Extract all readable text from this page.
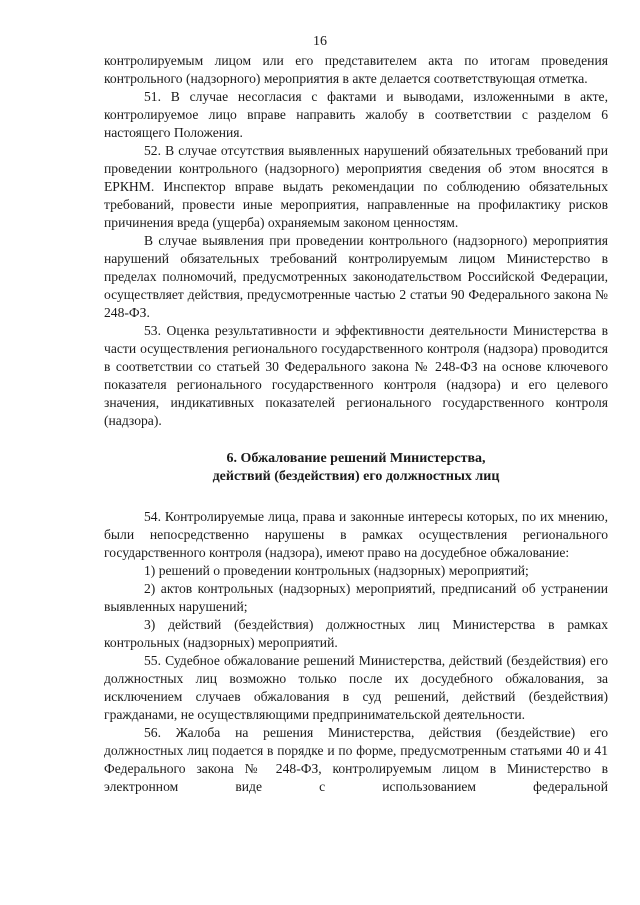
16

контролируемым лицом или его представителем акта по итогам проведения контрольного (надзорного) мероприятия в акте делается соответствующая отметка.

51. В случае несогласия с фактами и выводами, изложенными в акте, контролируемое лицо вправе направить жалобу в соответствии с разделом 6 настоящего Положения.

52. В случае отсутствия выявленных нарушений обязательных требований при проведении контрольного (надзорного) мероприятия сведения об этом вносятся в ЕРКНМ. Инспектор вправе выдать рекомендации по соблюдению обязательных требований, провести иные мероприятия, направленные на профилактику рисков причинения вреда (ущерба) охраняемым законом ценностям.

В случае выявления при проведении контрольного (надзорного) мероприятия нарушений обязательных требований контролируемым лицом Министерство в пределах полномочий, предусмотренных законодательством Российской Федерации, осуществляет действия, предусмотренные частью 2 статьи 90 Федерального закона № 248-ФЗ.

53. Оценка результативности и эффективности деятельности Министерства в части осуществления регионального государственного контроля (надзора) проводится в соответствии со статьей 30 Федерального закона № 248-ФЗ на основе ключевого показателя регионального государственного контроля (надзора) и его целевого значения, индикативных показателей регионального государственного контроля (надзора).

6. Обжалование решений Министерства,
действий (бездействия) его должностных лиц

54. Контролируемые лица, права и законные интересы которых, по их мнению, были непосредственно нарушены в рамках осуществления регионального государственного контроля (надзора), имеют право на досудебное обжалование:

1) решений о проведении контрольных (надзорных) мероприятий;

2) актов контрольных (надзорных) мероприятий, предписаний об устранении выявленных нарушений;

3) действий (бездействия) должностных лиц Министерства в рамках контрольных (надзорных) мероприятий.

55. Судебное обжалование решений Министерства, действий (бездействия) его должностных лиц возможно только после их досудебного обжалования, за исключением случаев обжалования в суд решений, действий (бездействия) гражданами, не осуществляющими предпринимательской деятельности.

56. Жалоба на решения Министерства, действия (бездействие) его должностных лиц подается в порядке и по форме, предусмотренным статьями 40 и 41 Федерального закона № 248-ФЗ, контролируемым лицом в Министерство в электронном виде с использованием федеральной
